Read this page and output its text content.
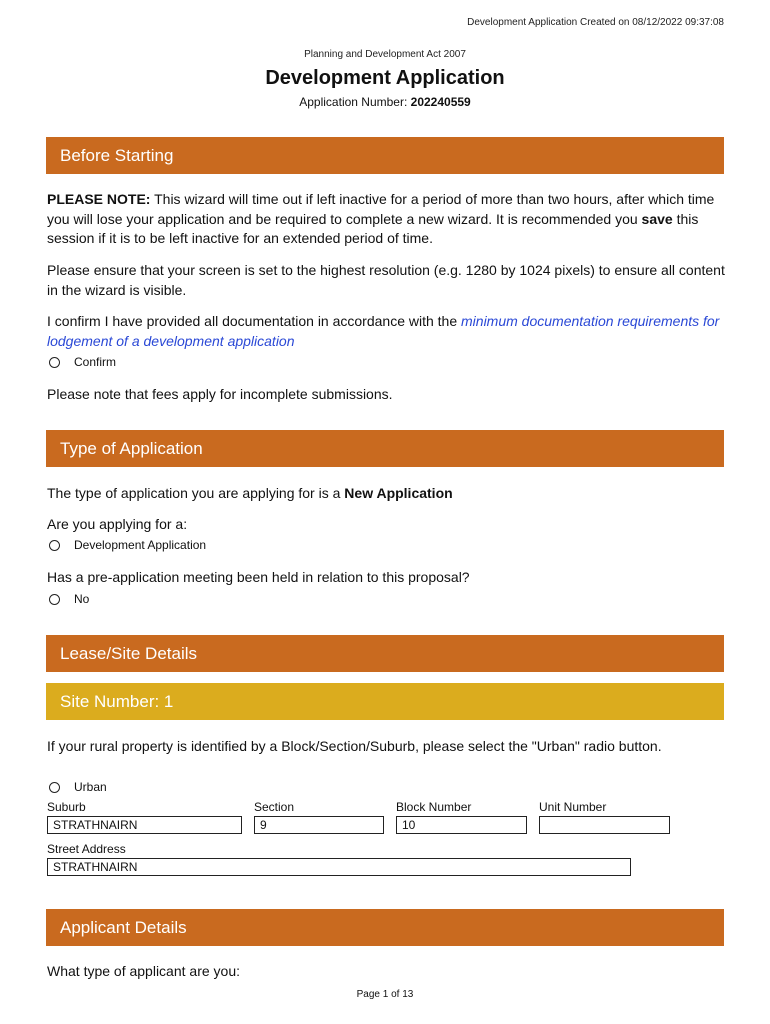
Development Application Created on 08/12/2022 09:37:08
Planning and Development Act 2007
Development Application
Application Number: 202240559
Before Starting
PLEASE NOTE: This wizard will time out if left inactive for a period of more than two hours, after which time you will lose your application and be required to complete a new wizard. It is recommended you save this session if it is to be left inactive for an extended period of time.
Please ensure that your screen is set to the highest resolution (e.g. 1280 by 1024 pixels) to ensure all content in the wizard is visible.
I confirm I have provided all documentation in accordance with the minimum documentation requirements for lodgement of a development application
Confirm
Please note that fees apply for incomplete submissions.
Type of Application
The type of application you are applying for is a New Application
Are you applying for a:
Development Application
Has a pre-application meeting been held in relation to this proposal?
No
Lease/Site Details
Site Number: 1
If your rural property is identified by a Block/Section/Suburb, please select the "Urban" radio button.
Urban
Suburb	Section	Block Number	Unit Number
STRATHNAIRN	9	10
Street Address
STRATHNAIRN
Applicant Details
What type of applicant are you:
Page 1 of 13
